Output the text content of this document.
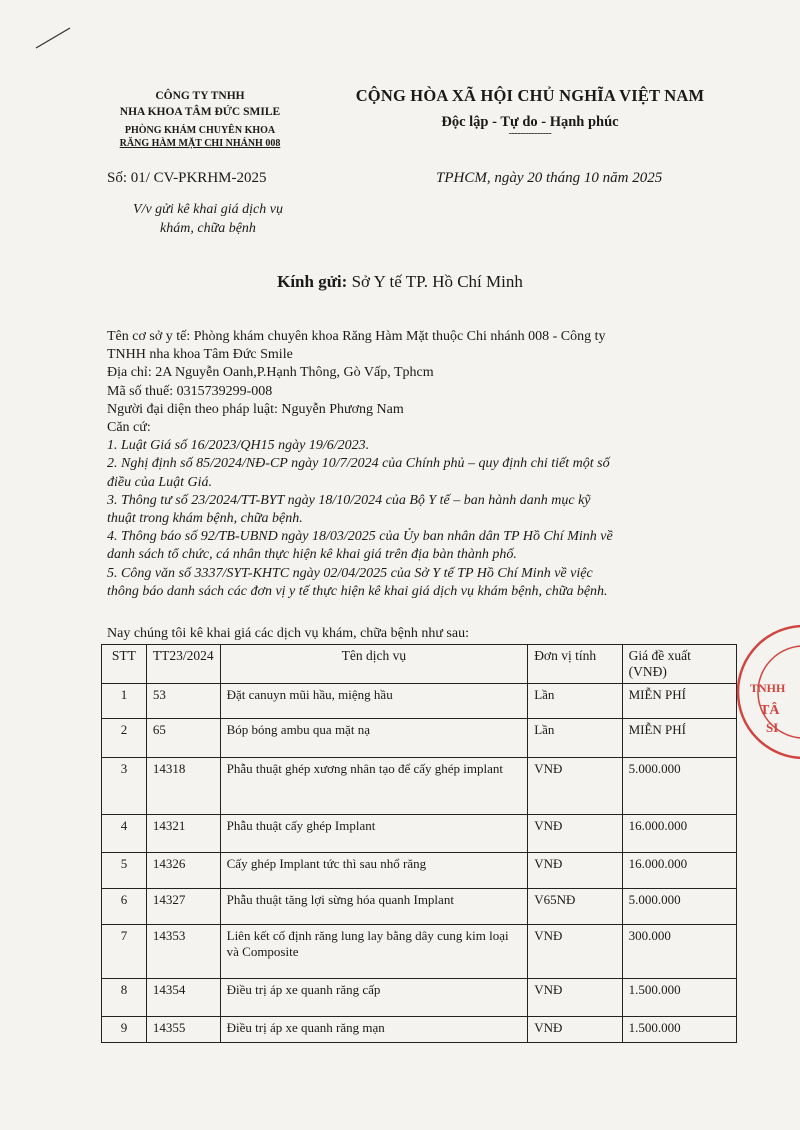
CÔNG TY TNHH
NHA KHOA TÂM ĐỨC SMILE
PHÒNG KHÁM CHUYÊN KHOA
RĂNG HÀM MẶT CHI NHÁNH 008
CỘNG HÒA XÃ HỘI CHỦ NGHĨA VIỆT NAM
Độc lập - Tự do - Hạnh phúc
---------------
Số: 01/ CV-PKRHM-2025	TPHCM, ngày 20 tháng 10 năm 2025
V/v gửi kê khai giá dịch vụ
khám, chữa bệnh
Kính gửi: Sở Y tế TP. Hồ Chí Minh

Tên cơ sở y tế: Phòng khám chuyên khoa Răng Hàm Mặt thuộc Chi nhánh 008 - Công ty

TNHH nha khoa Tâm Đức Smile

Địa chỉ: 2A Nguyễn Oanh,P.Hạnh Thông, Gò Vấp, Tphcm

Mã số thuế: 0315739299-008

Người đại diện theo pháp luật: Nguyễn Phương Nam

Căn cứ:

1. Luật Giá số 16/2023/QH15 ngày 19/6/2023.

2. Nghị định số 85/2024/NĐ-CP ngày 10/7/2024 của Chính phủ – quy định chi tiết một số

điều của Luật Giá.

3. Thông tư số 23/2024/TT-BYT ngày 18/10/2024 của Bộ Y tế – ban hành danh mục kỹ

thuật trong khám bệnh, chữa bệnh.

4. Thông báo số 92/TB-UBND ngày 18/03/2025 của Ủy ban nhân dân TP Hồ Chí Minh về

danh sách tổ chức, cá nhân thực hiện kê khai giá trên địa bàn thành phố.

5. Công văn số 3337/SYT-KHTC ngày 02/04/2025 của Sở Y tế TP Hồ Chí Minh về việc

thông báo danh sách các đơn vị y tế thực hiện kê khai giá dịch vụ khám bệnh, chữa bệnh.

Nay chúng tôi kê khai giá các dịch vụ khám, chữa bệnh như sau:
STT	TT23/2024	Tên dịch vụ	Đơn vị tính	Giá đề xuất (VNĐ)
1	53	Đặt canuyn mũi hầu, miệng hầu	Lần	MIỄN PHÍ
2	65	Bóp bóng ambu qua mặt nạ	Lần	MIỄN PHÍ
3	14318	Phẫu thuật ghép xương nhân tạo để cấy ghép implant	VNĐ	5.000.000
4	14321	Phẫu thuật cấy ghép Implant	VNĐ	16.000.000
5	14326	Cấy ghép Implant tức thì sau nhổ răng	VNĐ	16.000.000
6	14327	Phẫu thuật tăng lợi sừng hóa quanh Implant	V65NĐ	5.000.000
7	14353	Liên kết cố định răng lung lay bằng dây cung kim loại và Composite	VNĐ	300.000
8	14354	Điều trị áp xe quanh răng cấp	VNĐ	1.500.000
9	14355	Điều trị áp xe quanh răng mạn	VNĐ	1.500.000
TNHH
TÂ
SI
